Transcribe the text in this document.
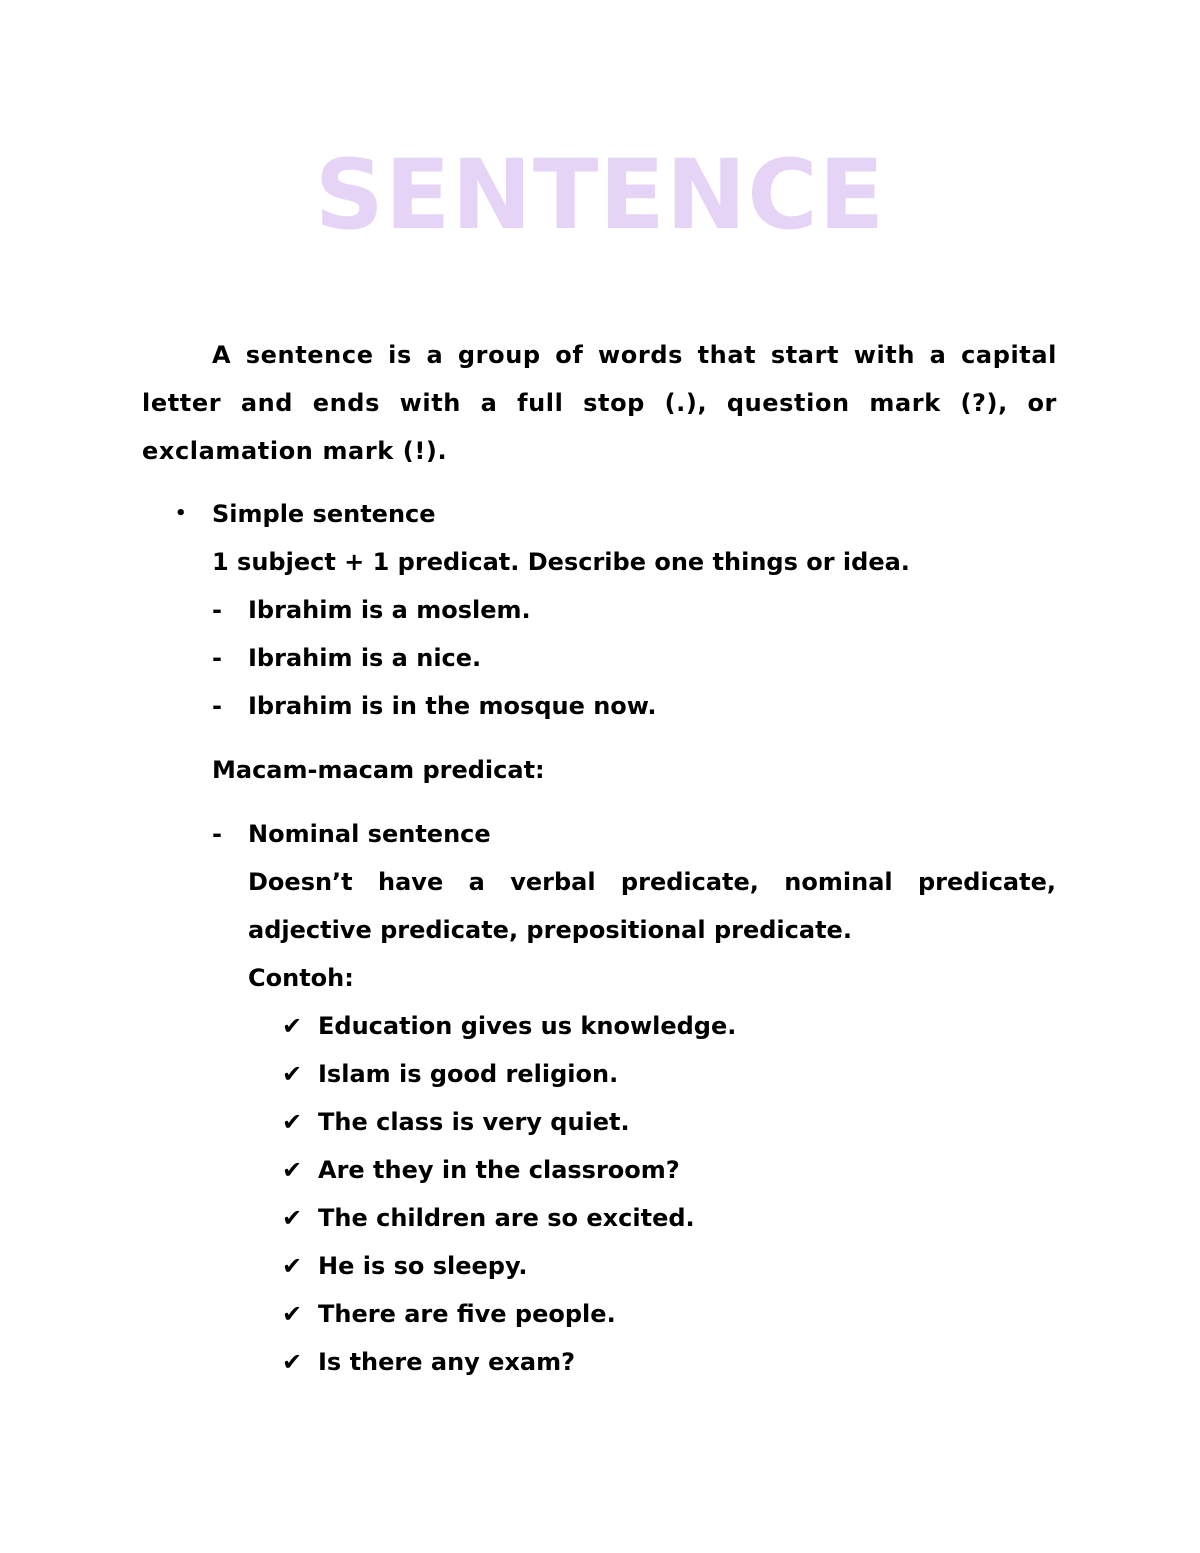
SENTENCE

A sentence is a group of words that start with a capital letter and ends with a full stop (.), question mark (?), or exclamation mark (!).

•	Simple sentence
1 subject + 1 predicat. Describe one things or idea.
- Ibrahim is a moslem.
- Ibrahim is a nice.
- Ibrahim is in the mosque now.
Macam-macam predicat:
- Nominal sentence

Doesn’t have a verbal predicate, nominal predicate, adjective predicate, prepositional predicate.

Contoh:
✔ Education gives us knowledge.
✔ Islam is good religion.
✔ The class is very quiet.
✔ Are they in the classroom?
✔ The children are so excited.
✔ He is so sleepy.
✔ There are five people.
✔ Is there any exam?
